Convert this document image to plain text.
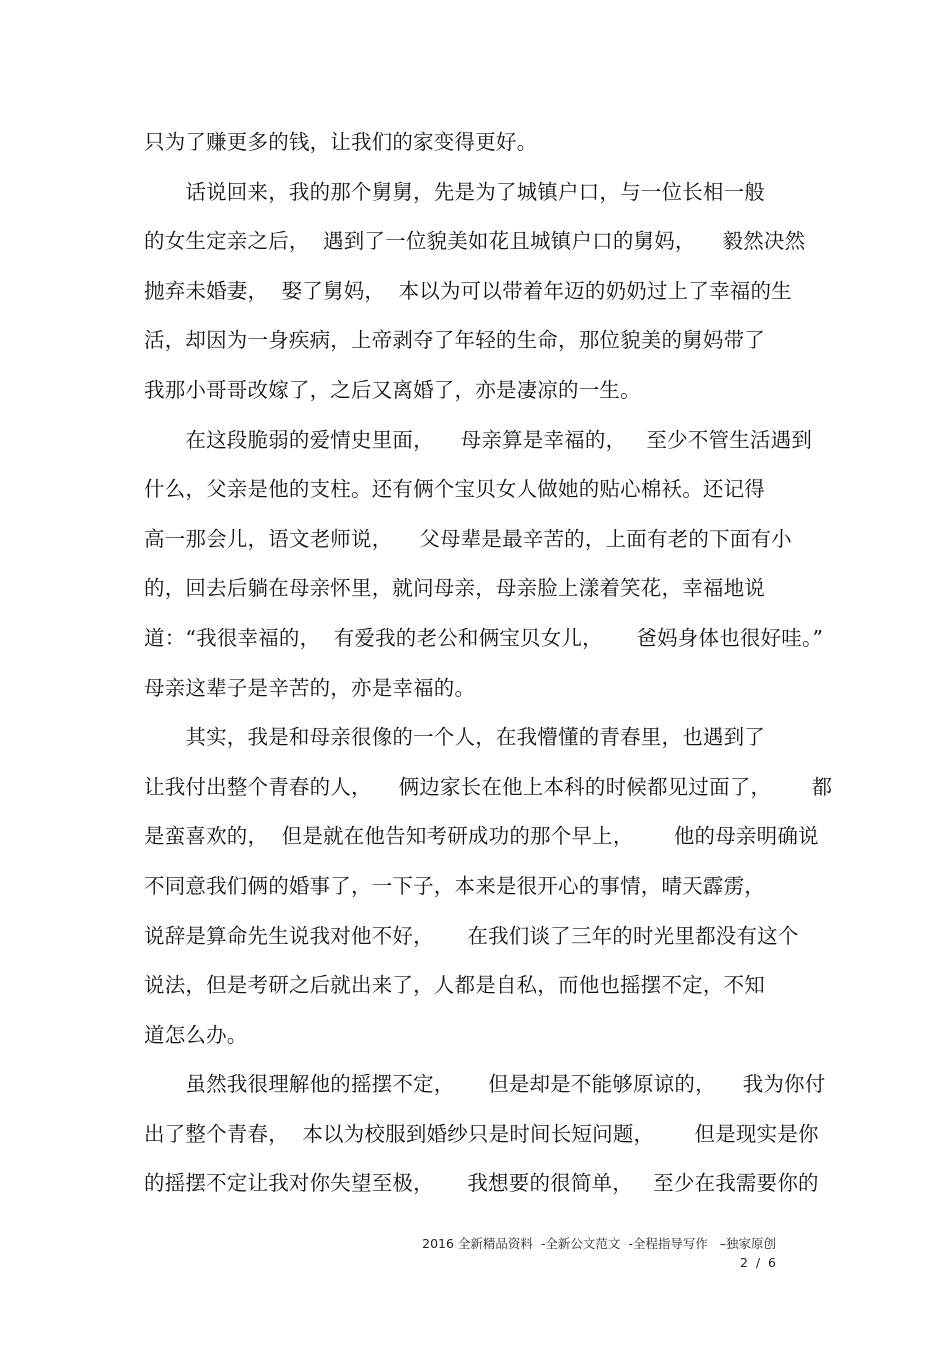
只为了赚更多的钱，让我们的家变得更好。
　　话说回来，我的那个舅舅，先是为了城镇户口，与一位长相一般
的女生定亲之后，  遇到了一位貌美如花且城镇户口的舅妈，    毅然决然
抛弃未婚妻，  娶了舅妈，  本以为可以带着年迈的奶奶过上了幸福的生
活，却因为一身疾病，上帝剥夺了年轻的生命，那位貌美的舅妈带了
我那小哥哥改嫁了，之后又离婚了，亦是凄凉的一生。
　　在这段脆弱的爱情史里面，    母亲算是幸福的，   至少不管生活遇到
什么，父亲是他的支柱。还有俩个宝贝女人做她的贴心棉袄。还记得
高一那会儿，语文老师说，    父母辈是最辛苦的，上面有老的下面有小
的，回去后躺在母亲怀里，就问母亲，母亲脸上漾着笑花，幸福地说
道：“我很幸福的，  有爱我的老公和俩宝贝女儿，     爸妈身体也很好哇。”
母亲这辈子是辛苦的，亦是幸福的。
　　其实，我是和母亲很像的一个人，在我懵懂的青春里，也遇到了
让我付出整个青春的人，    俩边家长在他上本科的时候都见过面了，      都
是蛮喜欢的，  但是就在他告知考研成功的那个早上，      他的母亲明确说
不同意我们俩的婚事了，一下子，本来是很开心的事情，晴天霹雳，
说辞是算命先生说我对他不好，     在我们谈了三年的时光里都没有这个
说法，但是考研之后就出来了，人都是自私，而他也摇摆不定，不知
道怎么办。
　　虽然我很理解他的摇摆不定，     但是却是不能够原谅的，    我为你付
出了整个青春，  本以为校服到婚纱只是时间长短问题，      但是现实是你
的摇摆不定让我对你失望至极，     我想要的很简单，   至少在我需要你的
2016 全新精品资料  -全新公文范文  -全程指导写作   –独家原创
2  /  6
